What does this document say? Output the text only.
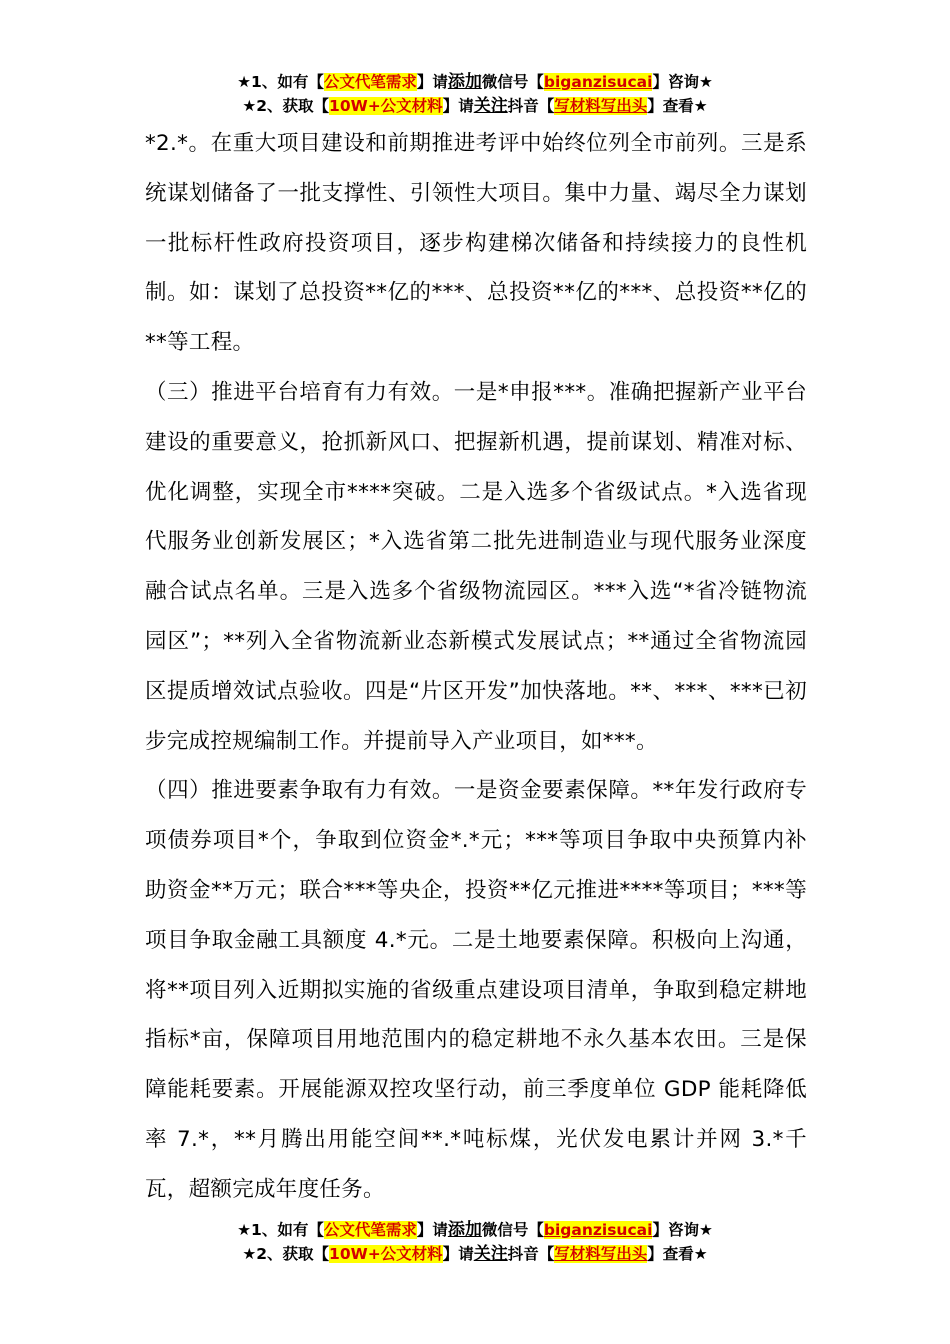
★1、如有【公文代笔需求】请添加微信号【biganzisucai】咨询★
★2、获取【10W+公文材料】请关注抖音【写材料写出头】查看★

*2.*。在重大项目建设和前期推进考评中始终位列全市前列。三是系统谋划储备了一批支撑性、引领性大项目。集中力量、竭尽全力谋划一批标杆性政府投资项目，逐步构建梯次储备和持续接力的良性机制。如：谋划了总投资**亿的***、总投资**亿的***、总投资**亿的**等工程。

（三）推进平台培育有力有效。一是*申报***。准确把握新产业平台建设的重要意义，抢抓新风口、把握新机遇，提前谋划、精准对标、优化调整，实现全市****突破。二是入选多个省级试点。*入选省现代服务业创新发展区；*入选省第二批先进制造业与现代服务业深度融合试点名单。三是入选多个省级物流园区。***入选“*省冷链物流园区”；**列入全省物流新业态新模式发展试点；**通过全省物流园区提质增效试点验收。四是“片区开发”加快落地。**、***、***已初步完成控规编制工作。并提前导入产业项目，如***。

（四）推进要素争取有力有效。一是资金要素保障。**年发行政府专项债券项目*个，争取到位资金*.*元；***等项目争取中央预算内补助资金**万元；联合***等央企，投资**亿元推进****等项目；***等项目争取金融工具额度 4.*元。二是土地要素保障。积极向上沟通，将**项目列入近期拟实施的省级重点建设项目清单，争取到稳定耕地指标*亩，保障项目用地范围内的稳定耕地不永久基本农田。三是保障能耗要素。开展能源双控攻坚行动，前三季度单位 GDP 能耗降低率 7.*，**月腾出用能空间**.*吨标煤，光伏发电累计并网 3.*千瓦，超额完成年度任务。

★1、如有【公文代笔需求】请添加微信号【biganzisucai】咨询★
★2、获取【10W+公文材料】请关注抖音【写材料写出头】查看★
